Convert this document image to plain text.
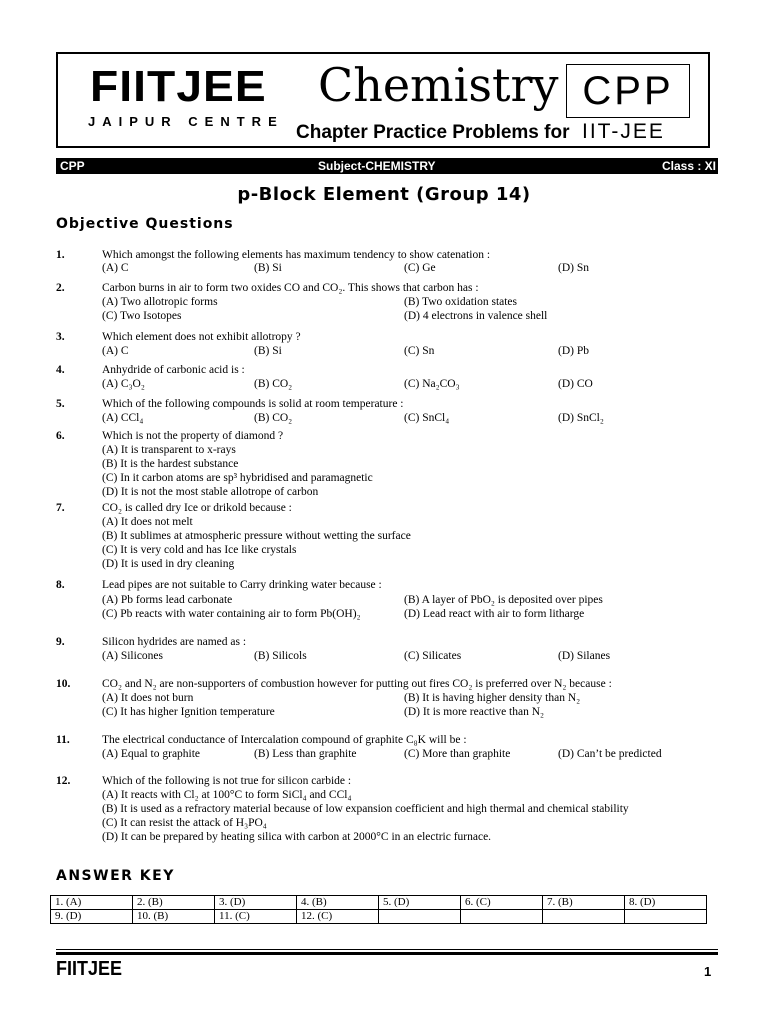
FIITJEE
JAIPUR CENTRE
Chemistry CPP
Chapter Practice Problems for IIT-JEE
CPP	Subject-CHEMISTRY	Class : XI
p-Block Element (Group 14)
Objective Questions
1.	Which amongst the following elements has maximum tendency to show catenation :
(A) C	(B) Si	(C) Ge	(D) Sn
2.	Carbon burns in air to form two oxides CO and CO₂. This shows that carbon has :
(A) Two allotropic forms	(B) Two oxidation states
(C) Two Isotopes	(D) 4 electrons in valence shell
3.	Which element does not exhibit allotropy ?
(A) C	(B) Si	(C) Sn	(D) Pb
4.	Anhydride of carbonic acid is :
(A) C₃O₂	(B) CO₂	(C) Na₂CO₃	(D) CO
5.	Which of the following compounds is solid at room temperature :
(A) CCl₄	(B) CO₂	(C) SnCl₄	(D) SnCl₂
6.	Which is not the property of diamond ?
(A) It is transparent to x-rays
(B) It is the hardest substance
(C) In it carbon atoms are sp³ hybridised and paramagnetic
(D) It is not the most stable allotrope of carbon
7.	CO₂ is called dry Ice or drikold because :
(A) It does not melt
(B) It sublimes at atmospheric pressure without wetting the surface
(C) It is very cold and has Ice like crystals
(D) It is used in dry cleaning
8.	Lead pipes are not suitable to Carry drinking water because :
(A) Pb forms lead carbonate	(B) A layer of PbO₂ is deposited over pipes
(C) Pb reacts with water containing air to form Pb(OH)₂	(D) Lead react with air to form litharge
9.	Silicon hydrides are named as :
(A) Silicones	(B) Silicols	(C) Silicates	(D) Silanes
10.	CO₂ and N₂ are non-supporters of combustion however for putting out fires CO₂ is preferred over N₂ because :
(A) It does not burn	(B) It is having higher density than N₂
(C) It has higher Ignition temperature	(D) It is more reactive than N₂
11.	The electrical conductance of Intercalation compound of graphite C₈K will be :
(A) Equal to graphite	(B) Less than graphite	(C) More than graphite	(D) Can’t be predicted
12.	Which of the following is not true for silicon carbide :
(A) It reacts with Cl₂ at 100°C to form SiCl₄ and CCl₄
(B) It is used as a refractory material because of low expansion coefficient and high thermal and chemical stability
(C) It can resist the attack of H₃PO₄
(D) It can be prepared by heating silica with carbon at 2000°C in an electric furnace.
ANSWER KEY
1. (A)	2. (B)	3. (D)	4. (B)	5. (D)	6. (C)	7. (B)	8. (D)
9. (D)	10. (B)	11. (C)	12. (C)				
FIITJEE	1
